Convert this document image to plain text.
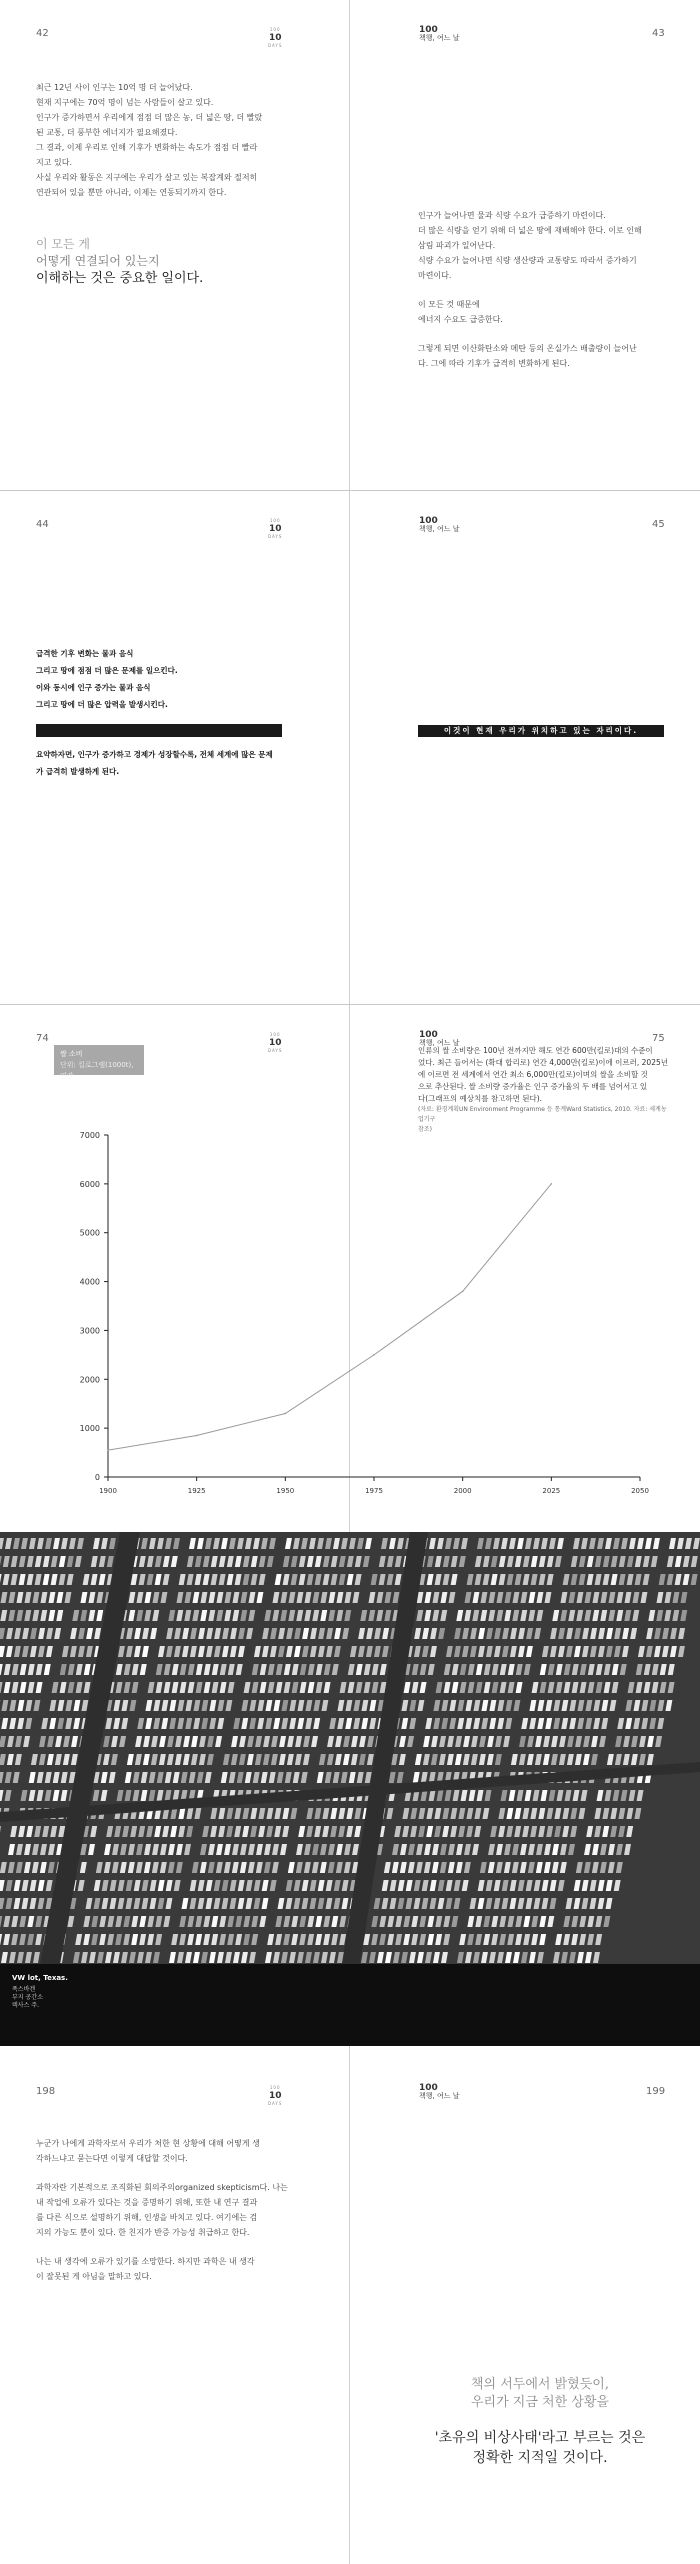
42	100
10
DAYS
100
책행, 여느 날	43

최근 12년 사이 인구는 10억 명 더 늘어났다.

현재 지구에는 70억 명이 넘는 사람들이 살고 있다.

인구가 증가하면서 우리에게 점점 더 많은 농, 더 넓은 땅, 더 빨랐

된 교통, 더 풍부한 에너지가 필요해졌다.

그 결과, 이제 우리로 인해 기후가 변화하는 속도가 점점 더 빨라

지고 있다.

사실 우리와 활동은 지구에는 우리가 살고 있는 복잡계와 절저히

연관되어 있을 뿐만 아니라, 이제는 연동되기까지 한다.

이 모든 게
어떻게 연결되어 있는지
이해하는 것은 중요한 일이다.

인구가 늘어나면 물과 식량 수요가 급증하기 마련이다.

더 많은 식량을 얻기 위해 더 넓은 땅에 재배해야 한다. 이로 인해

삼림 파괴가 일어난다.

식량 수요가 늘어나면 식량 생산량과 교통량도 따라서 증가하기

마련이다.

이 모든 것 때문에

에너지 수요도 급증한다.

그렇게 되면 이산화탄소와 메탄 등의 온실가스 배출량이 늘어난

다. 그에 따라 기후가 급격히 변화하게 된다.

44	100
10
DAYS
100
책행, 여느 날	45
급격한 기후 변화는 물과 음식
그리고 땅에 점점 더 많은 문제를 일으킨다.
이와 동시에 인구 증가는 물과 음식
그리고 땅에 더 많은 압력을 발생시킨다.
요약하자면, 인구가 증가하고 경제가 성장할수록, 전체 세계에 많은 문제
가 급격히 발생하게 된다.
이것이 현재 우리가 위치하고 있는 자리이다.
74	100
10
DAYS
100
책행, 여느 날	75
쌀 소비
단위: 킬로그램(1000t), 연간
인류의 쌀 소비량은 100년 전까지만 해도 연간 600만(킬로)대의 수준이
었다. 최근 들어서는 (확대 합리로) 연간 4,000만(킬로)이에 이르러, 2025년
에 이르면 전 세계에서 연간 최소 6,000만(킬로)이며의 쌀을 소비할 것
으로 추산된다. 쌀 소비량 증가율은 인구 증가율의 두 배를 넘어서고 있
다(그래프의 예상치를 참고하면 된다).
(자료: 환경계획UN Environment Programme 등 통계Ward Statistics, 2010. 자료: 세계농업기구
참조)
0
1000
2000
3000
4000
5000
6000
7000
1900	1925	1950	1975	2000	2025	2050
VW lot, Texas.
폭스바겐
부지 공간소
텍사스 주.
198	100
10
DAYS
100
책행, 여느 날	199

누군가 나에게 과학자로서 우리가 처한 현 상황에 대해 어떻게 생

각하느냐고 묻는다면 이렇게 대답할 것이다.

과학자란 기본적으로 조직화된 회의주의organized skepticism다. 나는

내 작업에 오류가 있다는 것을 증명하기 위해, 또한 내 연구 결과

를 다른 식으로 설명하기 위해, 인생을 바치고 있다. 여기에는 검

지의 가능도 뿐이 있다. 한 친지가 반증 가능성 취급하고 한다.

나는 내 생각에 오류가 있기를 소망한다. 하지만 과학은 내 생각

이 잘못된 게 아님을 말하고 있다.

책의 서두에서 밝혔듯이,
우리가 지금 처한 상황을
'초유의 비상사태'라고 부르는 것은
정확한 지적일 것이다.
